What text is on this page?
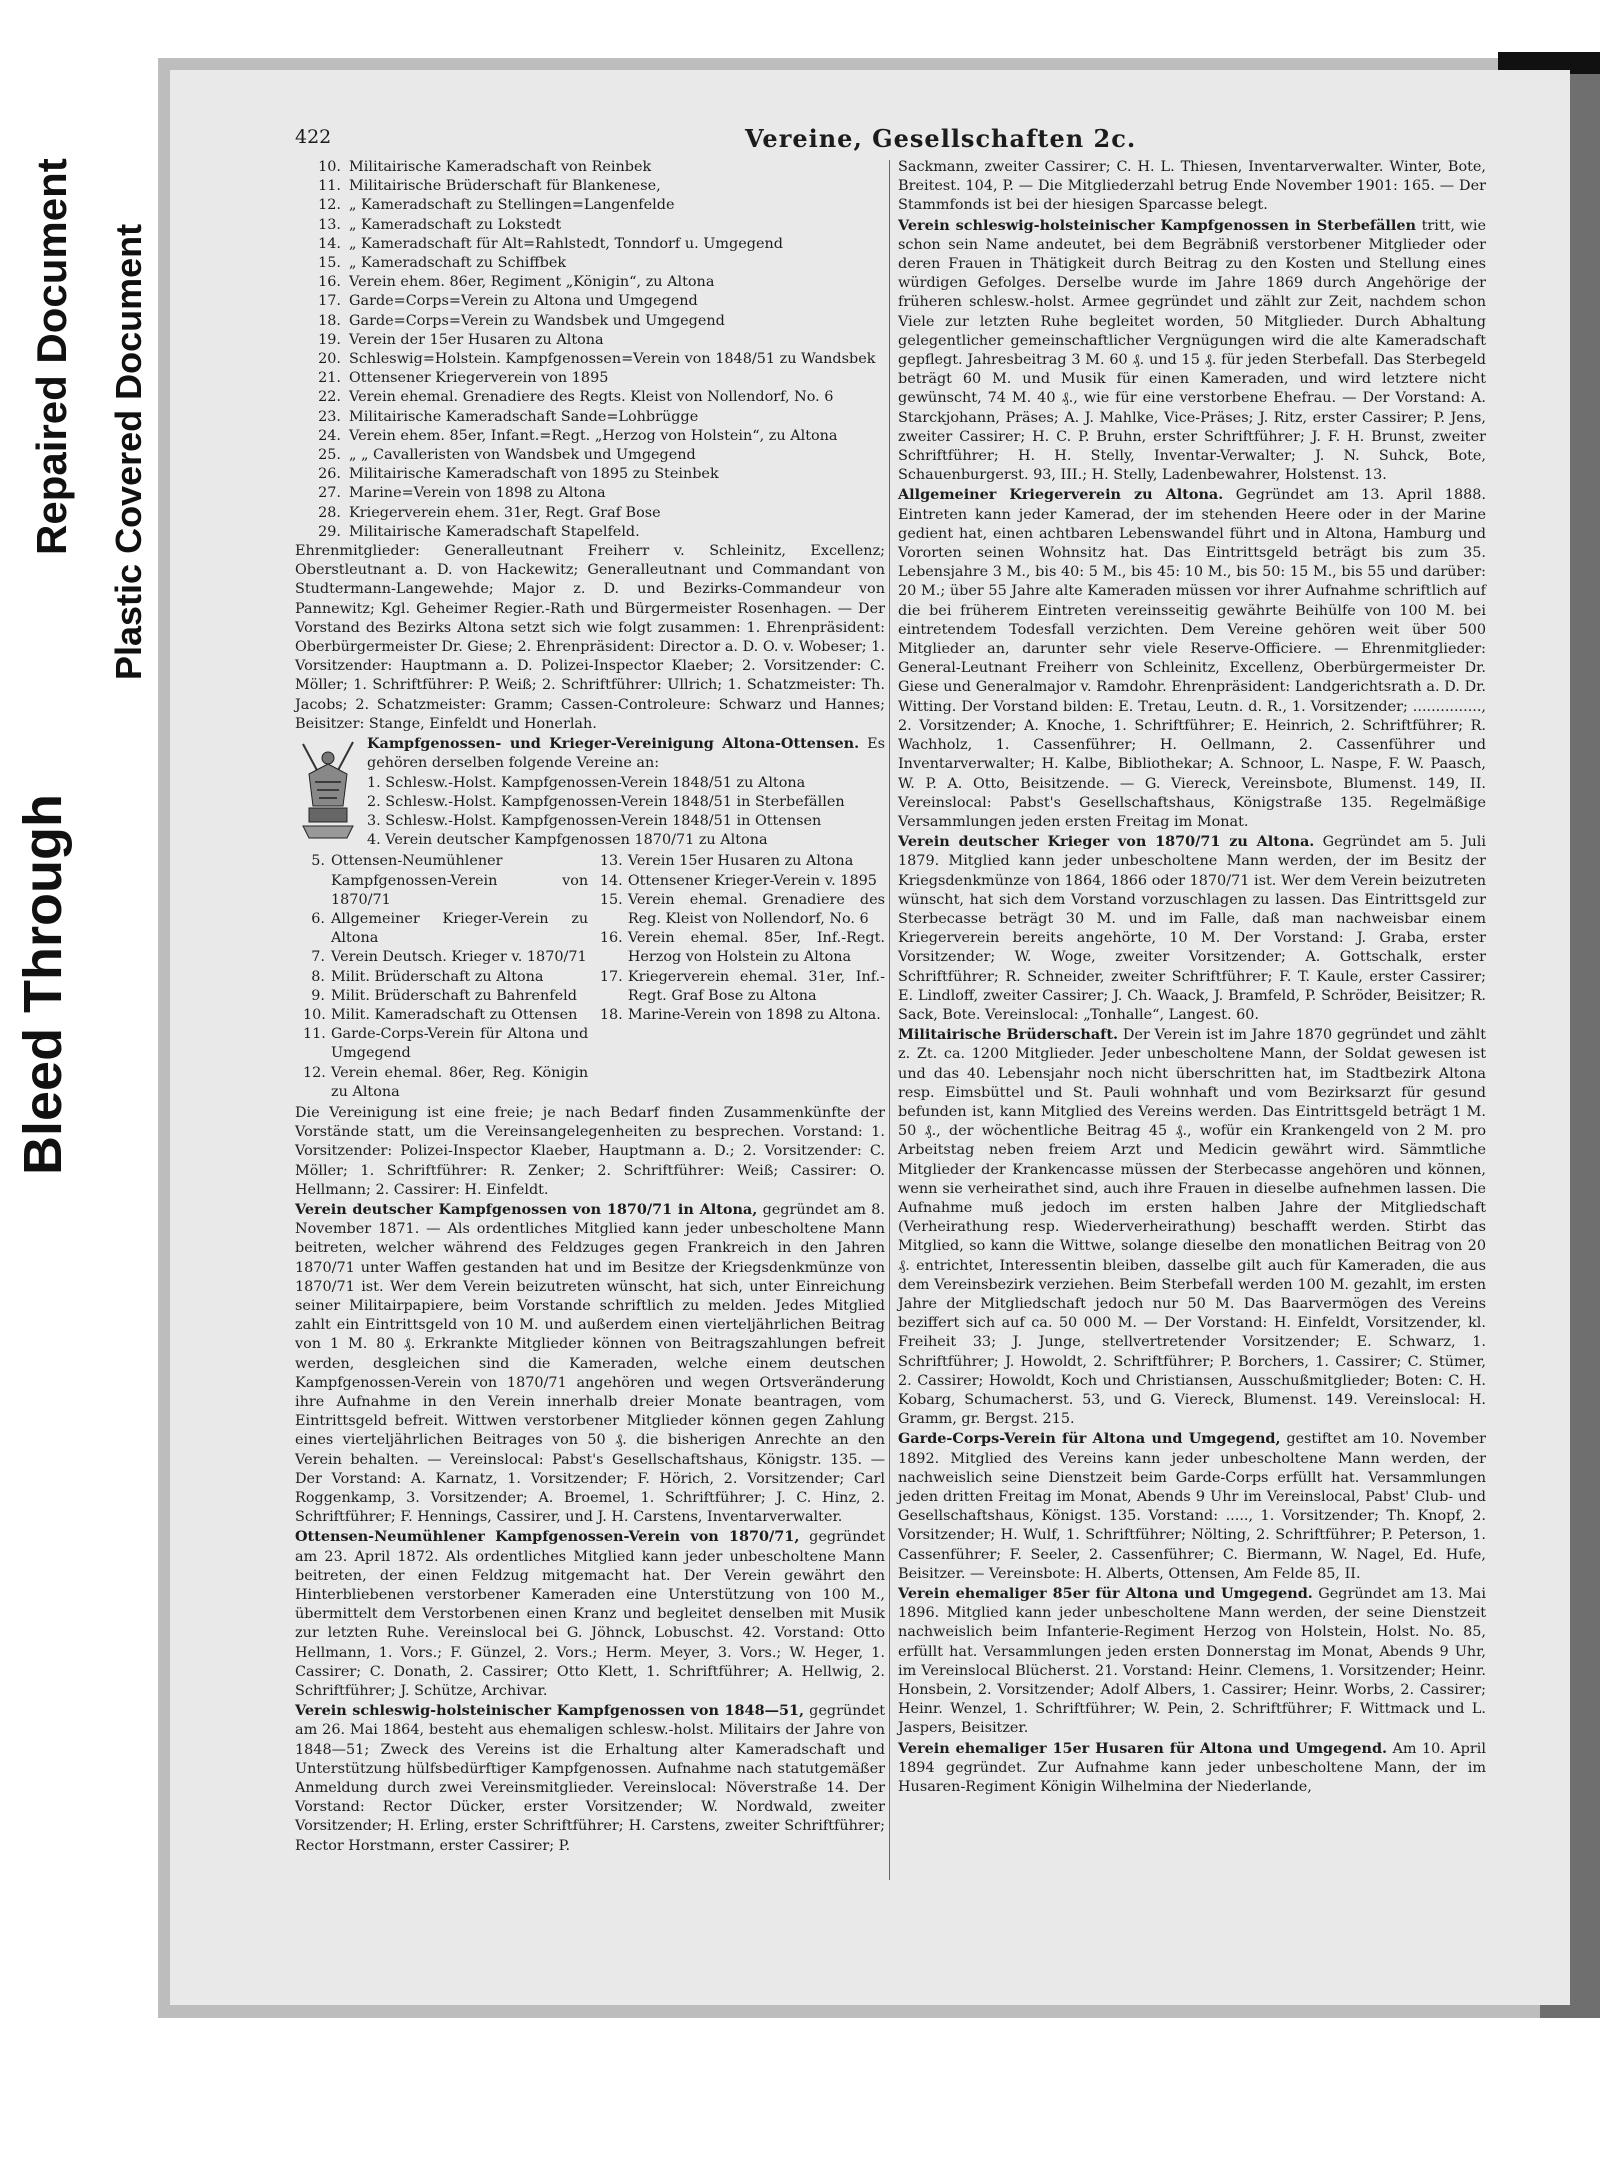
Bleed Through
Repaired Document Plastic Covered Document
422	Vereine, Gesellschaften 2c.
10. Militairische Kameradschaft von Reinbek
11. Militairische Brüderschaft für Blankenese,
12. „ Kameradschaft zu Stellingen=Langenfelde
13. „ Kameradschaft zu Lokstedt
14. „ Kameradschaft für Alt=Rahlstedt, Tonndorf u. Umgegend
15. „ Kameradschaft zu Schiffbek
16. Verein ehem. 86er, Regiment „Königin“, zu Altona
17. Garde=Corps=Verein zu Altona und Umgegend
18. Garde=Corps=Verein zu Wandsbek und Umgegend
19. Verein der 15er Husaren zu Altona
20. Schleswig=Holstein. Kampfgenossen=Verein von 1848/51 zu Wandsbek
21. Ottensener Kriegerverein von 1895
22. Verein ehemal. Grenadiere des Regts. Kleist von Nollendorf, No. 6
23. Militairische Kameradschaft Sande=Lohbrügge
24. Verein ehem. 85er, Infant.=Regt. „Herzog von Holstein“, zu Altona
25. „ „ Cavalleristen von Wandsbek und Umgegend
26. Militairische Kameradschaft von 1895 zu Steinbek
27. Marine=Verein von 1898 zu Altona
28. Kriegerverein ehem. 31er, Regt. Graf Bose
29. Militairische Kameradschaft Stapelfeld.

Ehrenmitglieder: Generalleutnant Freiherr v. Schleinitz, Excellenz; Oberstleutnant a. D. von Hackewitz; Generalleutnant und Commandant von Studtermann-Langewehde; Major z. D. und Bezirks-Commandeur von Pannewitz; Kgl. Geheimer Regier.-Rath und Bürgermeister Rosenhagen. — Der Vorstand des Bezirks Altona setzt sich wie folgt zusammen: 1. Ehrenpräsident: Oberbürgermeister Dr. Giese; 2. Ehrenpräsident: Director a. D. O. v. Wobeser; 1. Vorsitzender: Hauptmann a. D. Polizei-Inspector Klaeber; 2. Vorsitzender: C. Möller; 1. Schriftführer: P. Weiß; 2. Schriftführer: Ullrich; 1. Schatzmeister: Th. Jacobs; 2. Schatzmeister: Gramm; Cassen-Controleure: Schwarz und Hannes; Beisitzer: Stange, Einfeldt und Honerlah.

Kampfgenossen- und Krieger-Vereinigung Altona-Ottensen. Es gehören derselben folgende Vereine an:

1. Schlesw.-Holst. Kampfgenossen-Verein 1848/51 zu Altona
2. Schlesw.-Holst. Kampfgenossen-Verein 1848/51 in Sterbefällen
3. Schlesw.-Holst. Kampfgenossen-Verein 1848/51 in Ottensen
4. Verein deutscher Kampfgenossen 1870/71 zu Altona
5. Ottensen-Neumühlener Kampfgenossen-Verein von 1870/71
6. Allgemeiner Krieger-Verein zu Altona
7. Verein Deutsch. Krieger v. 1870/71
8. Milit. Brüderschaft zu Altona
9. Milit. Brüderschaft zu Bahrenfeld
10. Milit. Kameradschaft zu Ottensen
11. Garde-Corps-Verein für Altona und Umgegend
12. Verein ehemal. 86er, Reg. Königin zu Altona
13. Verein 15er Husaren zu Altona
14. Ottensener Krieger-Verein v. 1895
15. Verein ehemal. Grenadiere des Reg. Kleist von Nollendorf, No. 6
16. Verein ehemal. 85er, Inf.-Regt. Herzog von Holstein zu Altona
17. Kriegerverein ehemal. 31er, Inf.-Regt. Graf Bose zu Altona
18. Marine-Verein von 1898 zu Altona.

Die Vereinigung ist eine freie; je nach Bedarf finden Zusammenkünfte der Vorstände statt, um die Vereinsangelegenheiten zu besprechen. Vorstand: 1. Vorsitzender: Polizei-Inspector Klaeber, Hauptmann a. D.; 2. Vorsitzender: C. Möller; 1. Schriftführer: R. Zenker; 2. Schriftführer: Weiß; Cassirer: O. Hellmann; 2. Cassirer: H. Einfeldt.

Verein deutscher Kampfgenossen von 1870/71 in Altona, gegründet am 8. November 1871. — Als ordentliches Mitglied kann jeder unbescholtene Mann beitreten, welcher während des Feldzuges gegen Frankreich in den Jahren 1870/71 unter Waffen gestanden hat und im Besitze der Kriegsdenkmünze von 1870/71 ist. Wer dem Verein beizutreten wünscht, hat sich, unter Einreichung seiner Militairpapiere, beim Vorstande schriftlich zu melden. Jedes Mitglied zahlt ein Eintrittsgeld von 10 M. und außerdem einen vierteljährlichen Beitrag von 1 M. 80 ₰. Erkrankte Mitglieder können von Beitragszahlungen befreit werden, desgleichen sind die Kameraden, welche einem deutschen Kampfgenossen-Verein von 1870/71 angehören und wegen Ortsveränderung ihre Aufnahme in den Verein innerhalb dreier Monate beantragen, vom Eintrittsgeld befreit. Wittwen verstorbener Mitglieder können gegen Zahlung eines vierteljährlichen Beitrages von 50 ₰. die bisherigen Anrechte an den Verein behalten. — Vereinslocal: Pabst's Gesellschaftshaus, Königstr. 135. — Der Vorstand: A. Karnatz, 1. Vorsitzender; F. Hörich, 2. Vorsitzender; Carl Roggenkamp, 3. Vorsitzender; A. Broemel, 1. Schriftführer; J. C. Hinz, 2. Schriftführer; F. Hennings, Cassirer, und J. H. Carstens, Inventarverwalter.

Ottensen-Neumühlener Kampfgenossen-Verein von 1870/71, gegründet am 23. April 1872. Als ordentliches Mitglied kann jeder unbescholtene Mann beitreten, der einen Feldzug mitgemacht hat. Der Verein gewährt den Hinterbliebenen verstorbener Kameraden eine Unterstützung von 100 M., übermittelt dem Verstorbenen einen Kranz und begleitet denselben mit Musik zur letzten Ruhe. Vereinslocal bei G. Jöhnck, Lobuschst. 42. Vorstand: Otto Hellmann, 1. Vors.; F. Günzel, 2. Vors.; Herm. Meyer, 3. Vors.; W. Heger, 1. Cassirer; C. Donath, 2. Cassirer; Otto Klett, 1. Schriftführer; A. Hellwig, 2. Schriftführer; J. Schütze, Archivar.

Verein schleswig-holsteinischer Kampfgenossen von 1848—51, gegründet am 26. Mai 1864, besteht aus ehemaligen schlesw.-holst. Militairs der Jahre von 1848—51; Zweck des Vereins ist die Erhaltung alter Kameradschaft und Unterstützung hülfsbedürftiger Kampfgenossen. Aufnahme nach statutgemäßer Anmeldung durch zwei Vereinsmitglieder. Vereinslocal: Növerstraße 14. Der Vorstand: Rector Dücker, erster Vorsitzender; W. Nordwald, zweiter Vorsitzender; H. Erling, erster Schriftführer; H. Carstens, zweiter Schriftführer; Rector Horstmann, erster Cassirer; P.

Sackmann, zweiter Cassirer; C. H. L. Thiesen, Inventarverwalter. Winter, Bote, Breitest. 104, P. — Die Mitgliederzahl betrug Ende November 1901: 165. — Der Stammfonds ist bei der hiesigen Sparcasse belegt.

Verein schleswig-holsteinischer Kampfgenossen in Sterbefällen tritt, wie schon sein Name andeutet, bei dem Begräbniß verstorbener Mitglieder oder deren Frauen in Thätigkeit durch Beitrag zu den Kosten und Stellung eines würdigen Gefolges. Derselbe wurde im Jahre 1869 durch Angehörige der früheren schlesw.-holst. Armee gegründet und zählt zur Zeit, nachdem schon Viele zur letzten Ruhe begleitet worden, 50 Mitglieder. Durch Abhaltung gelegentlicher gemeinschaftlicher Vergnügungen wird die alte Kameradschaft gepflegt. Jahresbeitrag 3 M. 60 ₰. und 15 ₰. für jeden Sterbefall. Das Sterbegeld beträgt 60 M. und Musik für einen Kameraden, und wird letztere nicht gewünscht, 74 M. 40 ₰., wie für eine verstorbene Ehefrau. — Der Vorstand: A. Starckjohann, Präses; A. J. Mahlke, Vice-Präses; J. Ritz, erster Cassirer; P. Jens, zweiter Cassirer; H. C. P. Bruhn, erster Schriftführer; J. F. H. Brunst, zweiter Schriftführer; H. H. Stelly, Inventar-Verwalter; J. N. Suhck, Bote, Schauenburgerst. 93, III.; H. Stelly, Ladenbewahrer, Holstenst. 13.

Allgemeiner Kriegerverein zu Altona. Gegründet am 13. April 1888. Eintreten kann jeder Kamerad, der im stehenden Heere oder in der Marine gedient hat, einen achtbaren Lebenswandel führt und in Altona, Hamburg und Vororten seinen Wohnsitz hat. Das Eintrittsgeld beträgt bis zum 35. Lebensjahre 3 M., bis 40: 5 M., bis 45: 10 M., bis 50: 15 M., bis 55 und darüber: 20 M.; über 55 Jahre alte Kameraden müssen vor ihrer Aufnahme schriftlich auf die bei früherem Eintreten vereinsseitig gewährte Beihülfe von 100 M. bei eintretendem Todesfall verzichten. Dem Vereine gehören weit über 500 Mitglieder an, darunter sehr viele Reserve-Officiere. — Ehrenmitglieder: General-Leutnant Freiherr von Schleinitz, Excellenz, Oberbürgermeister Dr. Giese und Generalmajor v. Ramdohr. Ehrenpräsident: Landgerichtsrath a. D. Dr. Witting. Der Vorstand bilden: E. Tretau, Leutn. d. R., 1. Vorsitzender; ..............., 2. Vorsitzender; A. Knoche, 1. Schriftführer; E. Heinrich, 2. Schriftführer; R. Wachholz, 1. Cassenführer; H. Oellmann, 2. Cassenführer und Inventarverwalter; H. Kalbe, Bibliothekar; A. Schnoor, L. Naspe, F. W. Paasch, W. P. A. Otto, Beisitzende. — G. Viereck, Vereinsbote, Blumenst. 149, II. Vereinslocal: Pabst's Gesellschaftshaus, Königstraße 135. Regelmäßige Versammlungen jeden ersten Freitag im Monat.

Verein deutscher Krieger von 1870/71 zu Altona. Gegründet am 5. Juli 1879. Mitglied kann jeder unbescholtene Mann werden, der im Besitz der Kriegsdenkmünze von 1864, 1866 oder 1870/71 ist. Wer dem Verein beizutreten wünscht, hat sich dem Vorstand vorzuschlagen zu lassen. Das Eintrittsgeld zur Sterbecasse beträgt 30 M. und im Falle, daß man nachweisbar einem Kriegerverein bereits angehörte, 10 M. Der Vorstand: J. Graba, erster Vorsitzender; W. Woge, zweiter Vorsitzender; A. Gottschalk, erster Schriftführer; R. Schneider, zweiter Schriftführer; F. T. Kaule, erster Cassirer; E. Lindloff, zweiter Cassirer; J. Ch. Waack, J. Bramfeld, P. Schröder, Beisitzer; R. Sack, Bote. Vereinslocal: „Tonhalle“, Langest. 60.

Militairische Brüderschaft. Der Verein ist im Jahre 1870 gegründet und zählt z. Zt. ca. 1200 Mitglieder. Jeder unbescholtene Mann, der Soldat gewesen ist und das 40. Lebensjahr noch nicht überschritten hat, im Stadtbezirk Altona resp. Eimsbüttel und St. Pauli wohnhaft und vom Bezirksarzt für gesund befunden ist, kann Mitglied des Vereins werden. Das Eintrittsgeld beträgt 1 M. 50 ₰., der wöchentliche Beitrag 45 ₰., wofür ein Krankengeld von 2 M. pro Arbeitstag neben freiem Arzt und Medicin gewährt wird. Sämmtliche Mitglieder der Krankencasse müssen der Sterbecasse angehören und können, wenn sie verheirathet sind, auch ihre Frauen in dieselbe aufnehmen lassen. Die Aufnahme muß jedoch im ersten halben Jahre der Mitgliedschaft (Verheirathung resp. Wiederverheirathung) beschafft werden. Stirbt das Mitglied, so kann die Wittwe, solange dieselbe den monatlichen Beitrag von 20 ₰. entrichtet, Interessentin bleiben, dasselbe gilt auch für Kameraden, die aus dem Vereinsbezirk verziehen. Beim Sterbefall werden 100 M. gezahlt, im ersten Jahre der Mitgliedschaft jedoch nur 50 M. Das Baarvermögen des Vereins beziffert sich auf ca. 50 000 M. — Der Vorstand: H. Einfeldt, Vorsitzender, kl. Freiheit 33; J. Junge, stellvertretender Vorsitzender; E. Schwarz, 1. Schriftführer; J. Howoldt, 2. Schriftführer; P. Borchers, 1. Cassirer; C. Stümer, 2. Cassirer; Howoldt, Koch und Christiansen, Ausschußmitglieder; Boten: C. H. Kobarg, Schumacherst. 53, und G. Viereck, Blumenst. 149. Vereinslocal: H. Gramm, gr. Bergst. 215.

Garde-Corps-Verein für Altona und Umgegend, gestiftet am 10. November 1892. Mitglied des Vereins kann jeder unbescholtene Mann werden, der nachweislich seine Dienstzeit beim Garde-Corps erfüllt hat. Versammlungen jeden dritten Freitag im Monat, Abends 9 Uhr im Vereinslocal, Pabst' Club- und Gesellschaftshaus, Königst. 135. Vorstand: ....., 1. Vorsitzender; Th. Knopf, 2. Vorsitzender; H. Wulf, 1. Schriftführer; Nölting, 2. Schriftführer; P. Peterson, 1. Cassenführer; F. Seeler, 2. Cassenführer; C. Biermann, W. Nagel, Ed. Hufe, Beisitzer. — Vereinsbote: H. Alberts, Ottensen, Am Felde 85, II.

Verein ehemaliger 85er für Altona und Umgegend. Gegründet am 13. Mai 1896. Mitglied kann jeder unbescholtene Mann werden, der seine Dienstzeit nachweislich beim Infanterie-Regiment Herzog von Holstein, Holst. No. 85, erfüllt hat. Versammlungen jeden ersten Donnerstag im Monat, Abends 9 Uhr, im Vereinslocal Blücherst. 21. Vorstand: Heinr. Clemens, 1. Vorsitzender; Heinr. Honsbein, 2. Vorsitzender; Adolf Albers, 1. Cassirer; Heinr. Worbs, 2. Cassirer; Heinr. Wenzel, 1. Schriftführer; W. Pein, 2. Schriftführer; F. Wittmack und L. Jaspers, Beisitzer.

Verein ehemaliger 15er Husaren für Altona und Umgegend. Am 10. April 1894 gegründet. Zur Aufnahme kann jeder unbescholtene Mann, der im Husaren-Regiment Königin Wilhelmina der Niederlande,
